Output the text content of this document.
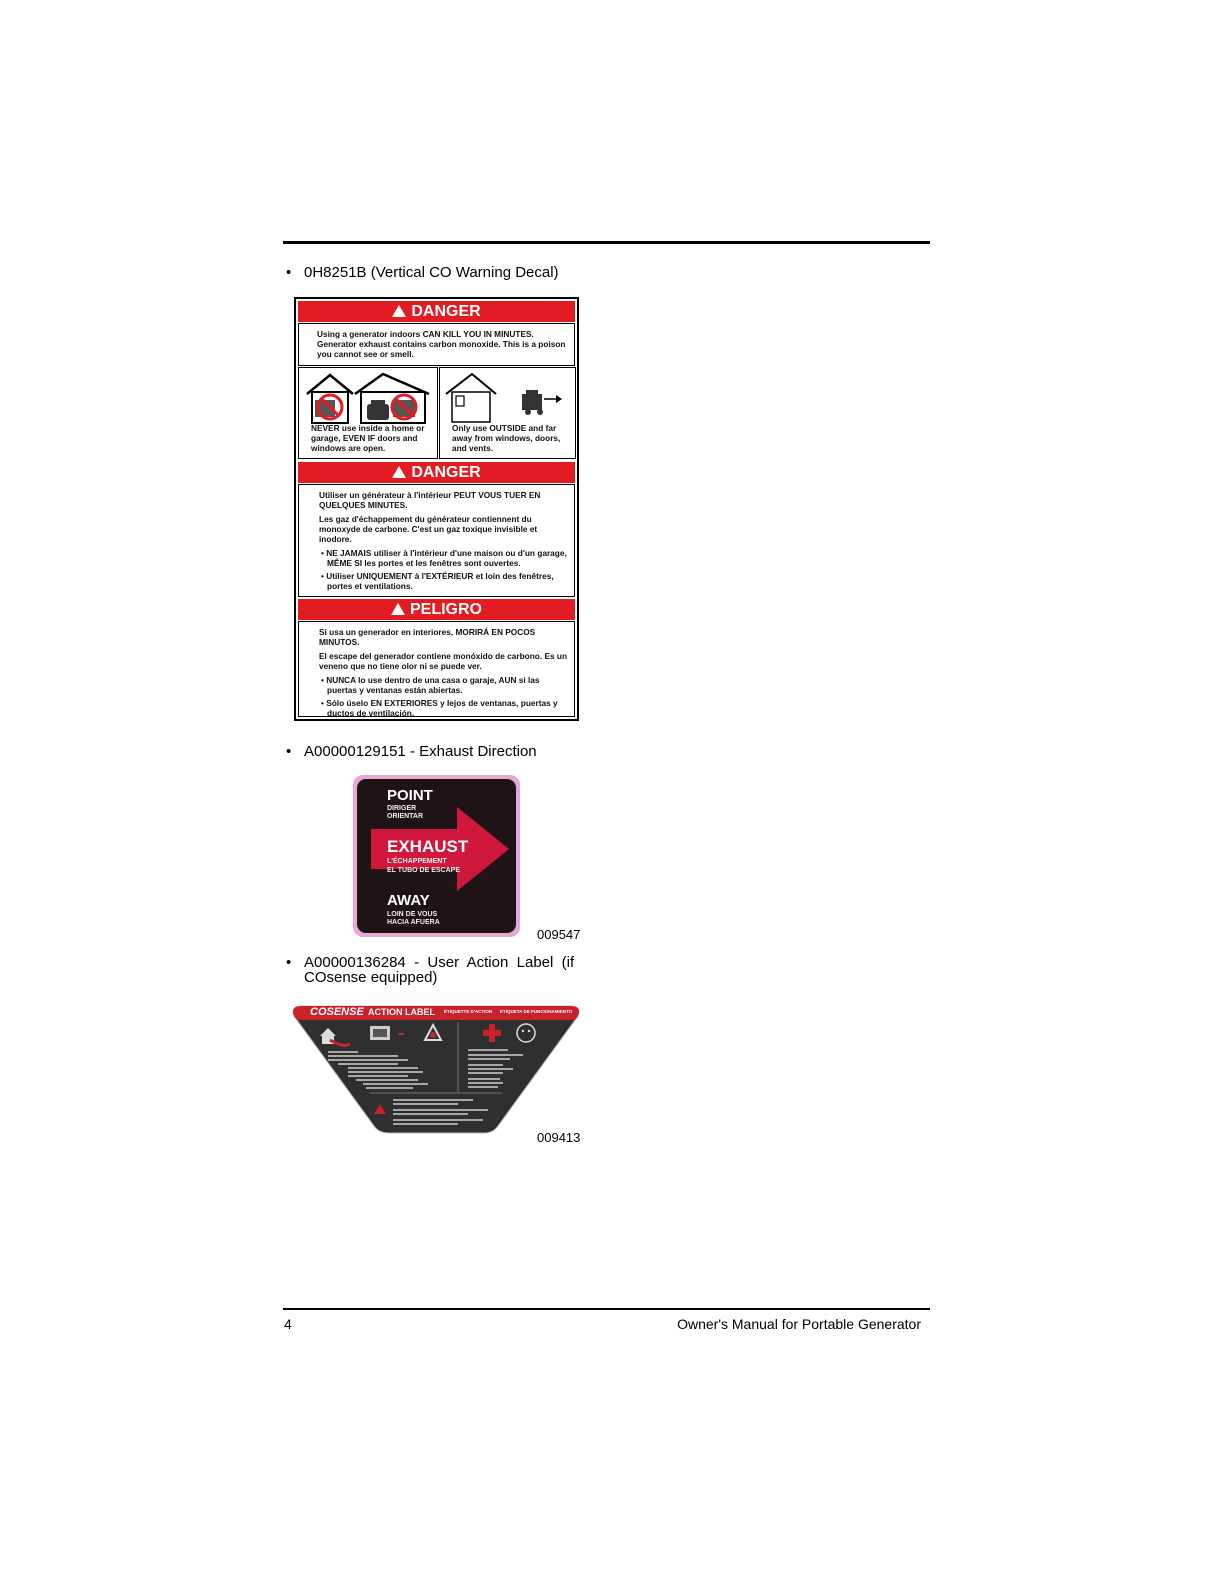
• 0H8251B (Vertical CO Warning Decal)
DANGER
Using a generator indoors CAN KILL YOU IN MINUTES. Generator exhaust contains carbon monoxide. This is a poison you cannot see or smell.
NEVER use inside a home or garage, EVEN IF doors and windows are open.
Only use OUTSIDE and far away from windows, doors, and vents.
DANGER

Utiliser un générateur à l'intérieur PEUT VOUS TUER EN QUELQUES MINUTES.

Les gaz d'échappement du générateur contiennent du monoxyde de carbone. C'est un gaz toxique invisible et inodore.

• NE JAMAIS utiliser à l'intérieur d'une maison ou d'un garage, MÊME SI les portes et les fenêtres sont ouvertes.

• Utiliser UNIQUEMENT à l'EXTÉRIEUR et loin des fenêtres, portes et ventilations.

PELIGRO

Si usa un generador en interiores, MORIRÁ EN POCOS MINUTOS.

El escape del generador contiene monóxido de carbono. Es un veneno que no tiene olor ni se puede ver.

• NUNCA lo use dentro de una casa o garaje, AUN si las puertas y ventanas están abiertas.

• Sólo úselo EN EXTERIORES y lejos de ventanas, puertas y ductos de ventilación.

• A00000129151 - Exhaust Direction
POINT
DIRIGER
ORIENTAR
EXHAUST
L'ÉCHAPPEMENT
EL TUBO DE ESCAPE
AWAY
LOIN DE VOUS
HACIA AFUERA
009547
• A00000136284  -  User  Action  Label  (if
COsense equipped)
COSENSE ACTION LABEL ÉTIQUETTE D'ACTION ETIQUETA DE FUNCIONAMIENTO
009413
4	Owner's Manual for Portable Generator
